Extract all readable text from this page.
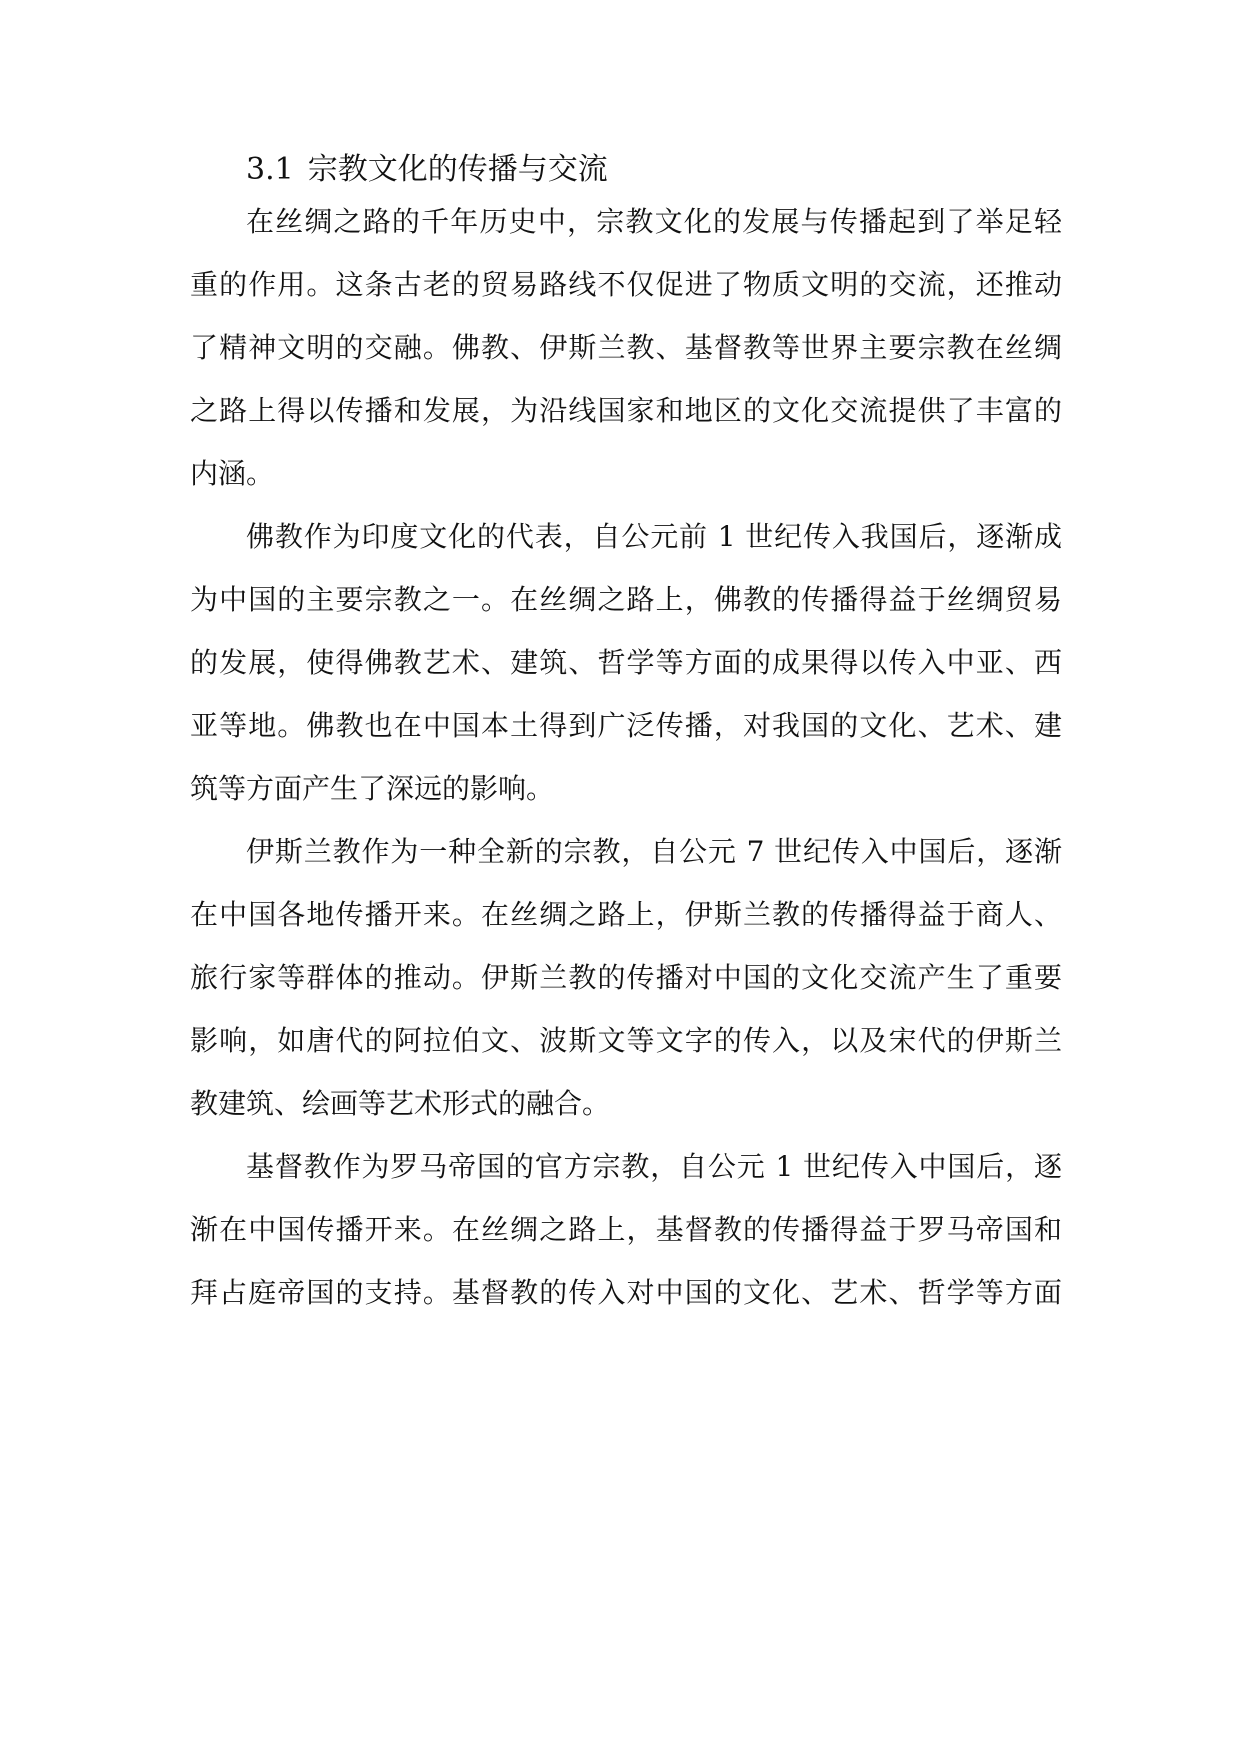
3.1 宗教文化的传播与交流

在丝绸之路的千年历史中，宗教文化的发展与传播起到了举足轻

重的作用。这条古老的贸易路线不仅促进了物质文明的交流，还推动

了精神文明的交融。佛教、伊斯兰教、基督教等世界主要宗教在丝绸

之路上得以传播和发展，为沿线国家和地区的文化交流提供了丰富的

内涵。

佛教作为印度文化的代表，自公元前 1 世纪传入我国后，逐渐成

为中国的主要宗教之一。在丝绸之路上，佛教的传播得益于丝绸贸易

的发展，使得佛教艺术、建筑、哲学等方面的成果得以传入中亚、西

亚等地。佛教也在中国本土得到广泛传播，对我国的文化、艺术、建

筑等方面产生了深远的影响。

伊斯兰教作为一种全新的宗教，自公元 7 世纪传入中国后，逐渐

在中国各地传播开来。在丝绸之路上，伊斯兰教的传播得益于商人、

旅行家等群体的推动。伊斯兰教的传播对中国的文化交流产生了重要

影响，如唐代的阿拉伯文、波斯文等文字的传入，以及宋代的伊斯兰

教建筑、绘画等艺术形式的融合。

基督教作为罗马帝国的官方宗教，自公元 1 世纪传入中国后，逐

渐在中国传播开来。在丝绸之路上，基督教的传播得益于罗马帝国和

拜占庭帝国的支持。基督教的传入对中国的文化、艺术、哲学等方面
